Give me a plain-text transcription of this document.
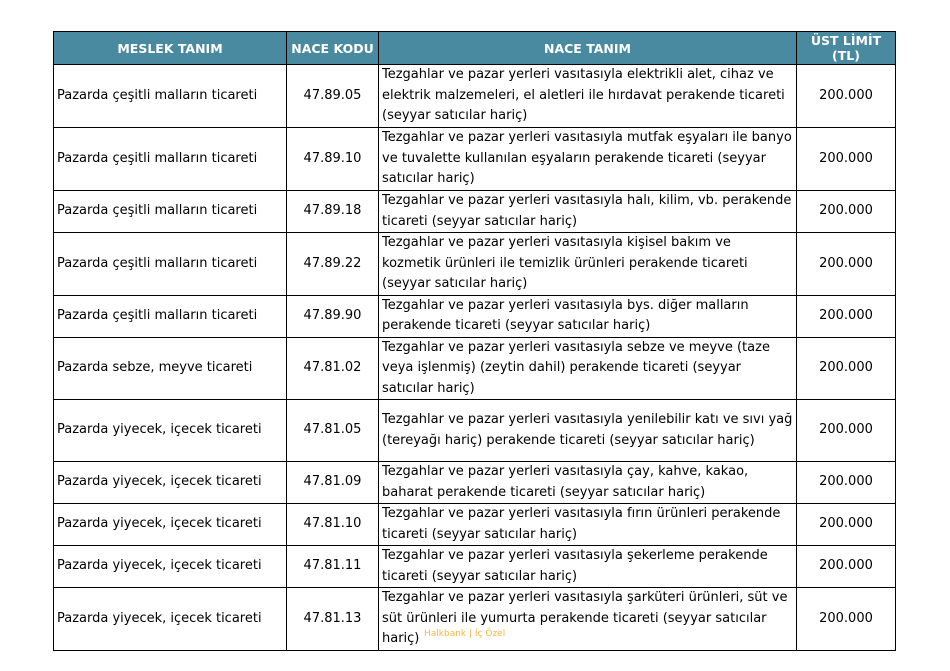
MESLEK TANIM	NACE KODU	NACE TANIM	ÜST LİMİT (TL)
Pazarda çeşitli malların ticareti	47.89.05	Tezgahlar ve pazar yerleri vasıtasıyla elektrikli alet, cihaz ve elektrik malzemeleri, el aletleri ile hırdavat perakende ticareti (seyyar satıcılar hariç)	200.000
Pazarda çeşitli malların ticareti	47.89.10	Tezgahlar ve pazar yerleri vasıtasıyla mutfak eşyaları ile banyo ve tuvalette kullanılan eşyaların perakende ticareti (seyyar satıcılar hariç)	200.000
Pazarda çeşitli malların ticareti	47.89.18	Tezgahlar ve pazar yerleri vasıtasıyla halı, kilim, vb. perakende ticareti (seyyar satıcılar hariç)	200.000
Pazarda çeşitli malların ticareti	47.89.22	Tezgahlar ve pazar yerleri vasıtasıyla kişisel bakım ve kozmetik ürünleri ile temizlik ürünleri perakende ticareti (seyyar satıcılar hariç)	200.000
Pazarda çeşitli malların ticareti	47.89.90	Tezgahlar ve pazar yerleri vasıtasıyla bys. diğer malların perakende ticareti (seyyar satıcılar hariç)	200.000
Pazarda sebze, meyve ticareti	47.81.02	Tezgahlar ve pazar yerleri vasıtasıyla sebze ve meyve (taze veya işlenmiş) (zeytin dahil) perakende ticareti (seyyar satıcılar hariç)	200.000
Pazarda yiyecek, içecek ticareti	47.81.05	Tezgahlar ve pazar yerleri vasıtasıyla yenilebilir katı ve sıvı yağ (tereyağı hariç) perakende ticareti (seyyar satıcılar hariç)	200.000
Pazarda yiyecek, içecek ticareti	47.81.09	Tezgahlar ve pazar yerleri vasıtasıyla çay, kahve, kakao, baharat perakende ticareti (seyyar satıcılar hariç)	200.000
Pazarda yiyecek, içecek ticareti	47.81.10	Tezgahlar ve pazar yerleri vasıtasıyla fırın ürünleri perakende ticareti (seyyar satıcılar hariç)	200.000
Pazarda yiyecek, içecek ticareti	47.81.11	Tezgahlar ve pazar yerleri vasıtasıyla şekerleme perakende ticareti (seyyar satıcılar hariç)	200.000
Pazarda yiyecek, içecek ticareti	47.81.13	Tezgahlar ve pazar yerleri vasıtasıyla şarküteri ürünleri, süt ve süt ürünleri ile yumurta perakende ticareti (seyyar satıcılar hariç)	200.000
Halkbank | İç Özel
